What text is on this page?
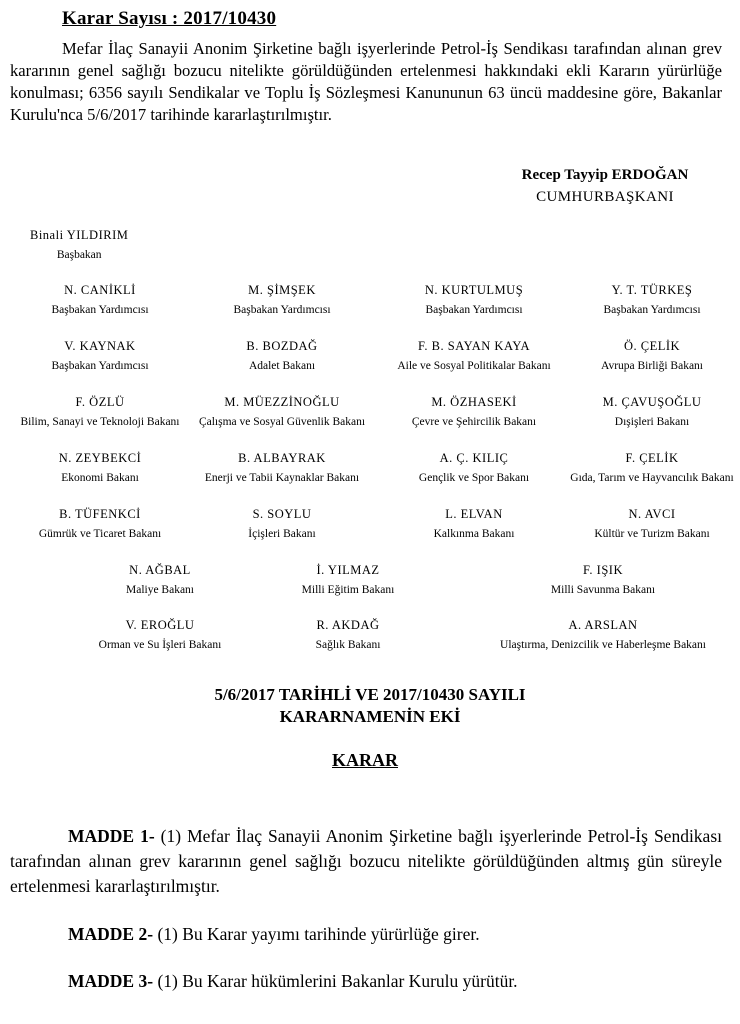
Karar Sayısı : 2017/10430
Mefar İlaç Sanayii Anonim Şirketine bağlı işyerlerinde Petrol-İş Sendikası tarafından alınan grev kararının genel sağlığı bozucu nitelikte görüldüğünden ertelenmesi hakkındaki ekli Kararın yürürlüğe konulması; 6356 sayılı Sendikalar ve Toplu İş Sözleşmesi Kanununun 63 üncü maddesine göre, Bakanlar Kurulu'nca 5/6/2017 tarihinde kararlaştırılmıştır.
Recep Tayyip ERDOĞAN
CUMHURBAŞKANI
Binali YILDIRIM
Başbakan
N. CANİKLİ
Başbakan Yardımcısı
M. ŞİMŞEK
Başbakan Yardımcısı
N. KURTULMUŞ
Başbakan Yardımcısı
Y. T. TÜRKEŞ
Başbakan Yardımcısı
V. KAYNAK
Başbakan Yardımcısı
B. BOZDAĞ
Adalet Bakanı
F. B. SAYAN KAYA
Aile ve Sosyal Politikalar Bakanı
Ö. ÇELİK
Avrupa Birliği Bakanı
F. ÖZLÜ
Bilim, Sanayi ve Teknoloji Bakanı
M. MÜEZZİNOĞLU
Çalışma ve Sosyal Güvenlik Bakanı
M. ÖZHASEKİ
Çevre ve Şehircilik Bakanı
M. ÇAVUŞOĞLU
Dışişleri Bakanı
N. ZEYBEKCİ
Ekonomi Bakanı
B. ALBAYRAK
Enerji ve Tabii Kaynaklar Bakanı
A. Ç. KILIÇ
Gençlik ve Spor Bakanı
F. ÇELİK
Gıda, Tarım ve Hayvancılık Bakanı
B. TÜFENKCİ
Gümrük ve Ticaret Bakanı
S. SOYLU
İçişleri Bakanı
L. ELVAN
Kalkınma Bakanı
N. AVCI
Kültür ve Turizm Bakanı
N. AĞBAL
Maliye Bakanı
İ. YILMAZ
Milli Eğitim Bakanı
F. IŞIK
Milli Savunma Bakanı
V. EROĞLU
Orman ve Su İşleri Bakanı
R. AKDAĞ
Sağlık Bakanı
A. ARSLAN
Ulaştırma, Denizcilik ve Haberleşme Bakanı
5/6/2017 TARİHLİ VE 2017/10430 SAYILI
KARARNAMENİN EKİ
KARAR
MADDE 1- (1) Mefar İlaç Sanayii Anonim Şirketine bağlı işyerlerinde Petrol-İş Sendikası tarafından alınan grev kararının genel sağlığı bozucu nitelikte görüldüğünden altmış gün süreyle ertelenmesi kararlaştırılmıştır.
MADDE 2- (1) Bu Karar yayımı tarihinde yürürlüğe girer.
MADDE 3- (1) Bu Karar hükümlerini Bakanlar Kurulu yürütür.
